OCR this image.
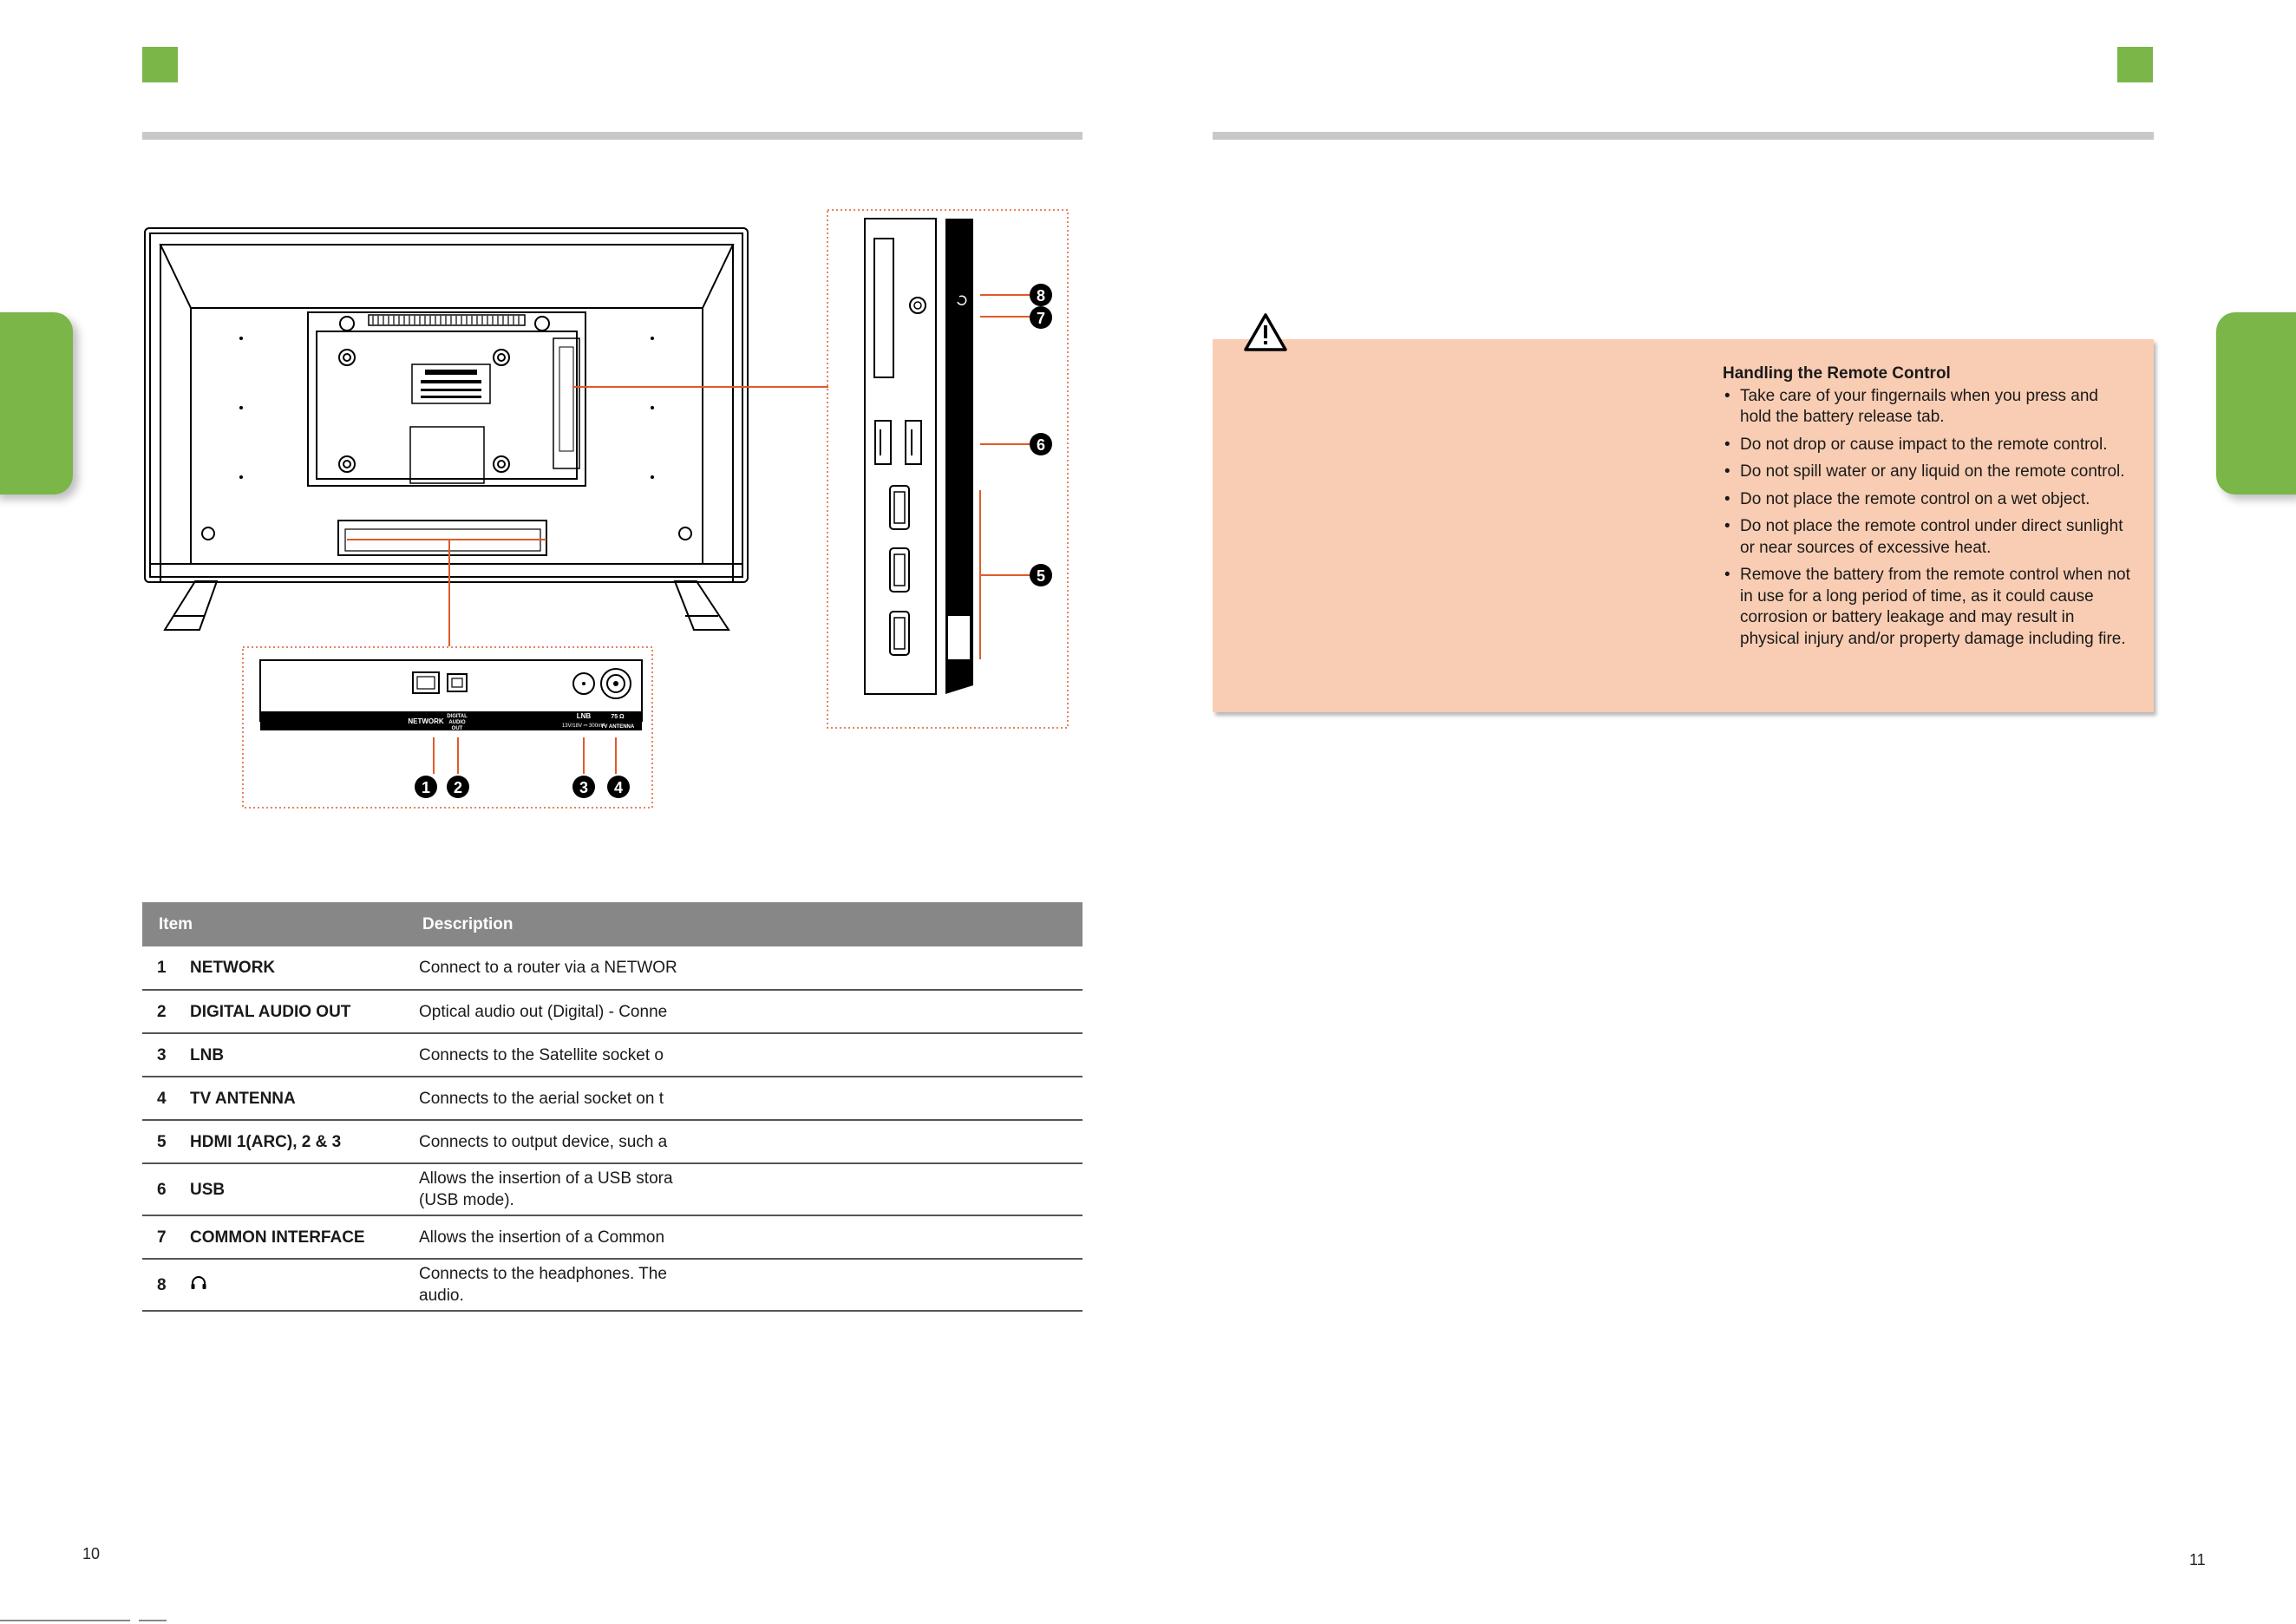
NETWORK
DIGITAL
AUDIO
OUT
LNB
13V/18V ⎓ 300mA
75 Ω
TV ANTENNA
1 2	3 4
5
6
7
8
Item		Description
1	NETWORK	Connect to a router via a NETWOR
2	DIGITAL AUDIO OUT	Optical audio out (Digital) - Conne
3	LNB	Connects to the Satellite socket o
4	TV ANTENNA	Connects to the aerial socket on t
5	HDMI 1(ARC), 2 & 3	Connects to output device, such a
6	USB	Allows the insertion of a USB stora
(USB mode).

7	COMMON INTERFACE	Allows the insertion of a Common
8		Connects to the headphones. The
audio.
Handling the Remote Control
• Take care of your fingernails when you press and hold the battery release tab.
• Do not drop or cause impact to the remote control.
• Do not spill water or any liquid on the remote control.
• Do not place the remote control on a wet object.
• Do not place the remote control under direct sunlight or near sources of excessive heat.
• Remove the battery from the remote control when not in use for a long period of time, as it could cause corrosion or battery leakage and may result in physical injury and/or property damage including fire.
10	11
